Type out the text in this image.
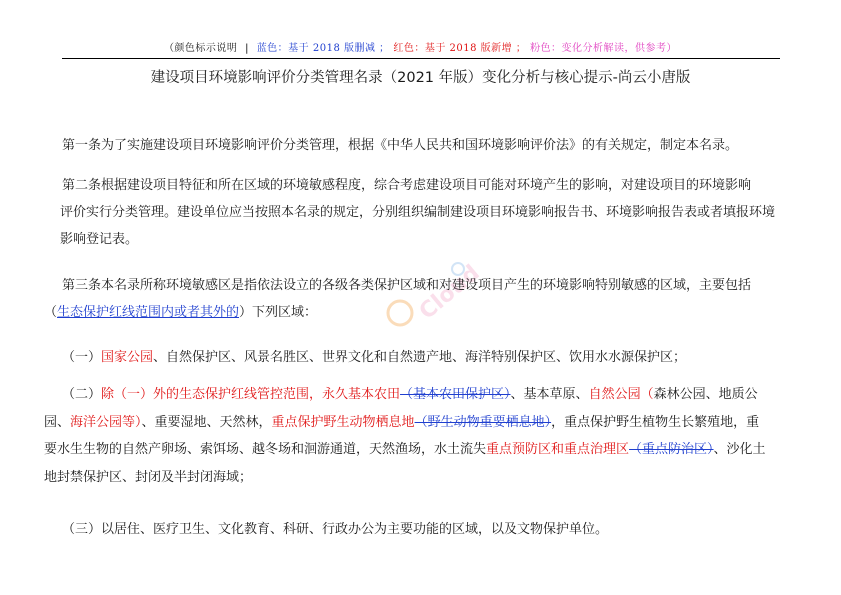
（颜色标示说明 | 蓝色：基于 2018 版删减 ； 红色：基于 2018 版新增 ； 粉色：变化分析解读，供参考）
建设项目环境影响评价分类管理名录（2021 年版）变化分析与核心提示-尚云小唐版
Cloud
第一条为了实施建设项目环境影响评价分类管理，根据《中华人民共和国环境影响评价法》的有关规定，制定本名录。
第二条根据建设项目特征和所在区域的环境敏感程度，综合考虑建设项目可能对环境产生的影响，对建设项目的环境影响
评价实行分类管理。建设单位应当按照本名录的规定，分别组织编制建设项目环境影响报告书、环境影响报告表或者填报环境
影响登记表。
第三条本名录所称环境敏感区是指依法设立的各级各类保护区域和对建设项目产生的环境影响特别敏感的区域，主要包括
（生态保护红线范围内或者其外的）下列区域：
（一）国家公园、自然保护区、风景名胜区、世界文化和自然遗产地、海洋特别保护区、饮用水水源保护区；
（二）除（一）外的生态保护红线管控范围，永久基本农田（基本农田保护区）、基本草原、自然公园（森林公园、地质公
园、海洋公园等）、重要湿地、天然林，重点保护野生动物栖息地（野生动物重要栖息地），重点保护野生植物生长繁殖地，重
要水生生物的自然产卵场、索饵场、越冬场和洄游通道，天然渔场，水土流失重点预防区和重点治理区（重点防治区）、沙化土
地封禁保护区、封闭及半封闭海域；
（三）以居住、医疗卫生、文化教育、科研、行政办公为主要功能的区域，以及文物保护单位。
